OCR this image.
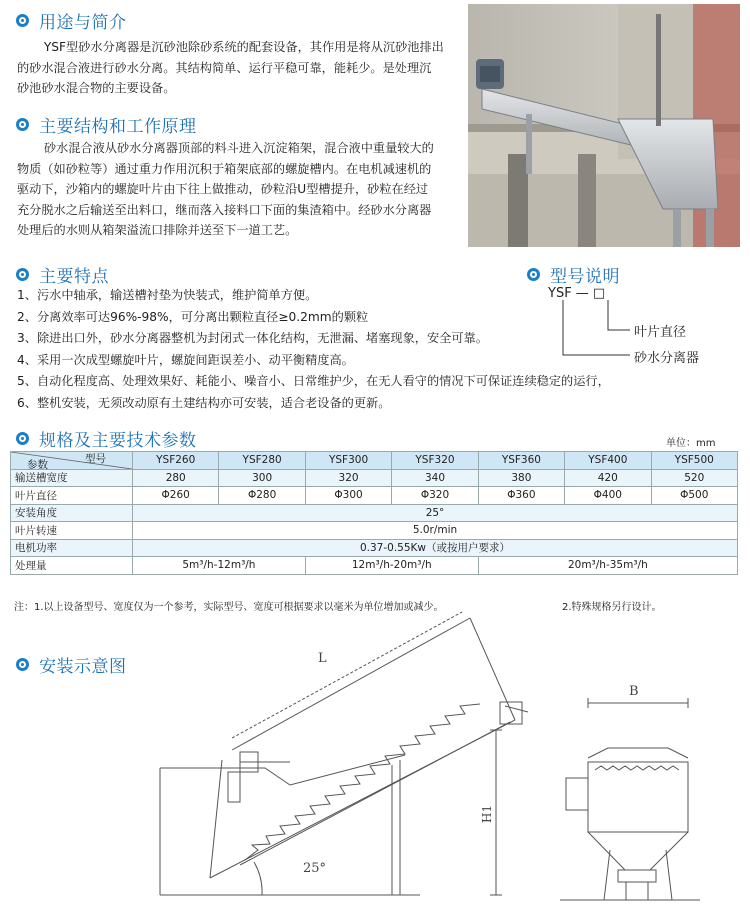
用途与简介
YSF型砂水分离器是沉砂池除砂系统的配套设备，其作用是将从沉砂池排出
的砂水混合液进行砂水分离。其结构简单、运行平稳可靠，能耗少。是处理沉
砂池砂水混合物的主要设备。
主要结构和工作原理
砂水混合液从砂水分离器顶部的料斗进入沉淀箱架，混合液中重量较大的
物质（如砂粒等）通过重力作用沉积于箱架底部的螺旋槽内。在电机减速机的
驱动下，沙箱内的螺旋叶片由下往上做推动，砂粒沿U型槽提升，砂粒在经过
充分脱水之后输送至出料口，继而落入接料口下面的集渣箱中。经砂水分离器
处理后的水则从箱架溢流口排除并送至下一道工艺。
主要特点
1、污水中轴承，输送槽衬垫为快装式，维护简单方便。
2、分离效率可达96%-98%，可分离出颗粒直径≥0.2mm的颗粒
3、除进出口外，砂水分离器整机为封闭式一体化结构，无泄漏、堵塞现象，安全可靠。
4、采用一次成型螺旋叶片，螺旋间距误差小、动平衡精度高。
5、自动化程度高、处理效果好、耗能小、噪音小、日常维护少，在无人看守的情况下可保证连续稳定的运行，
6、整机安装，无须改动原有土建结构亦可安装，适合老设备的更新。
型号说明
YSF — □
叶片直径
砂水分离器
规格及主要技术参数	单位：mm
型号
参数	YSF260	YSF280	YSF300	YSF320	YSF360	YSF400	YSF500
输送槽宽度	280	300	320	340	380	420	520
叶片直径	Φ260	Φ280	Φ300	Φ320	Φ360	Φ400	Φ500
安装角度	25°						
叶片转速	5.0r/min						
电机功率	0.37-0.55Kw（或按用户要求）						
处理量	5m³/h-12m³/h		12m³/h-20m³/h		20m³/h-35m³/h		
注：1.以上设备型号、宽度仅为一个参考，实际型号、宽度可根据要求以毫米为单位增加或减少。	2.特殊规格另行设计。
安装示意图	L
B
H1
25°
